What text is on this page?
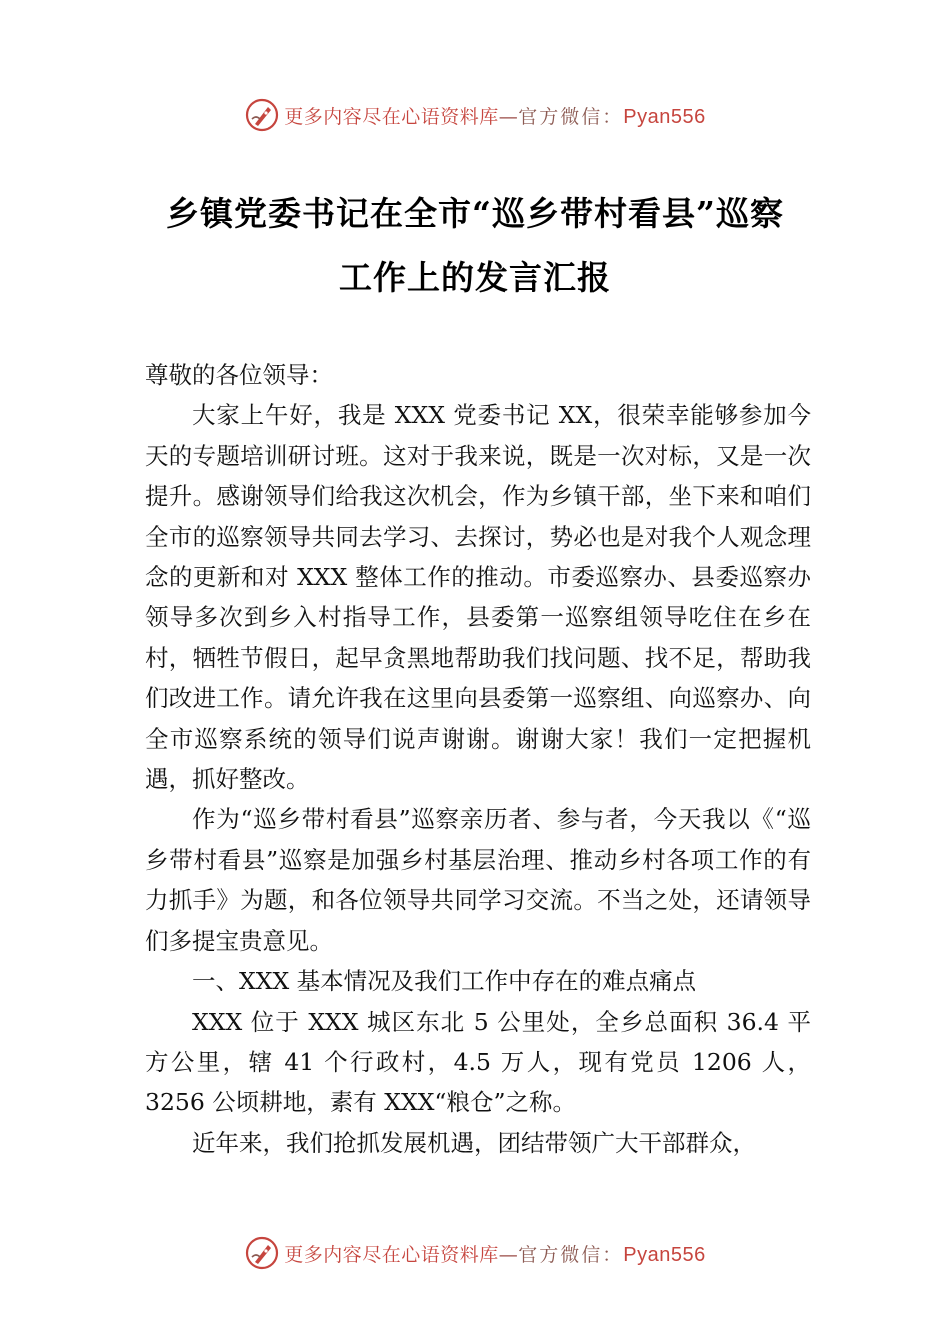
更多内容尽在心语资料库—官方微信：Pyan556
乡镇党委书记在全市“巡乡带村看县”巡察
工作上的发言汇报

尊敬的各位领导：

大家上午好，我是 XXX 党委书记 XX，很荣幸能够参加今天的专题培训研讨班。这对于我来说，既是一次对标，又是一次提升。感谢领导们给我这次机会，作为乡镇干部，坐下来和咱们全市的巡察领导共同去学习、去探讨，势必也是对我个人观念理念的更新和对 XXX 整体工作的推动。市委巡察办、县委巡察办领导多次到乡入村指导工作，县委第一巡察组领导吃住在乡在村，牺牲节假日，起早贪黑地帮助我们找问题、找不足，帮助我们改进工作。请允许我在这里向县委第一巡察组、向巡察办、向全市巡察系统的领导们说声谢谢。谢谢大家！我们一定把握机遇，抓好整改。

作为“巡乡带村看县”巡察亲历者、参与者，今天我以《“巡乡带村看县”巡察是加强乡村基层治理、推动乡村各项工作的有力抓手》为题，和各位领导共同学习交流。不当之处，还请领导们多提宝贵意见。

一、XXX 基本情况及我们工作中存在的难点痛点

XXX 位于 XXX 城区东北 5 公里处，全乡总面积 36.4 平方公里，辖 41 个行政村，4.5 万人，现有党员 1206 人，3256 公顷耕地，素有 XXX“粮仓”之称。

近年来，我们抢抓发展机遇，团结带领广大干部群众，

更多内容尽在心语资料库—官方微信：Pyan556
